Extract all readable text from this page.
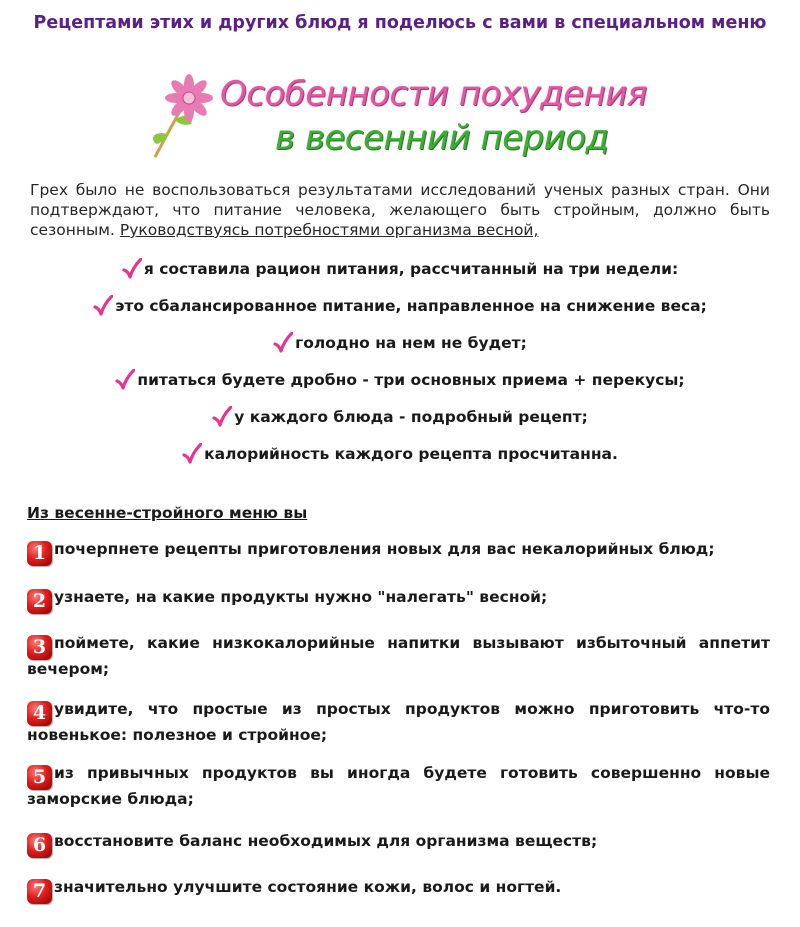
Рецептами этих и других блюд я поделюсь с вами в специальном меню
Особенности похудения
в весенний период
Грех было не воспользоваться результатами исследований ученых разных стран. Они подтверждают, что питание человека, желающего быть стройным, должно быть сезонным. Руководствуясь потребностями организма весной,
я составила рацион питания, рассчитанный на три недели:
это сбалансированное питание, направленное на снижение веса;
голодно на нем не будет;
питаться будете дробно - три основных приема + перекусы;
у каждого блюда - подробный рецепт;
калорийность каждого рецепта просчитанна.
Из весенне-стройного меню вы
1 почерпнете рецепты приготовления новых для вас некалорийных блюд;
2 узнаете, на какие продукты нужно "налегать" весной;
3 поймете, какие низкокалорийные напитки вызывают избыточный аппетит вечером;
4 увидите, что простые из простых продуктов можно приготовить что-то новенькое: полезное и стройное;
5 из привычных продуктов вы иногда будете готовить совершенно новые заморские блюда;
6 восстановите баланс необходимых для организма веществ;
7 значительно улучшите состояние кожи, волос и ногтей.
